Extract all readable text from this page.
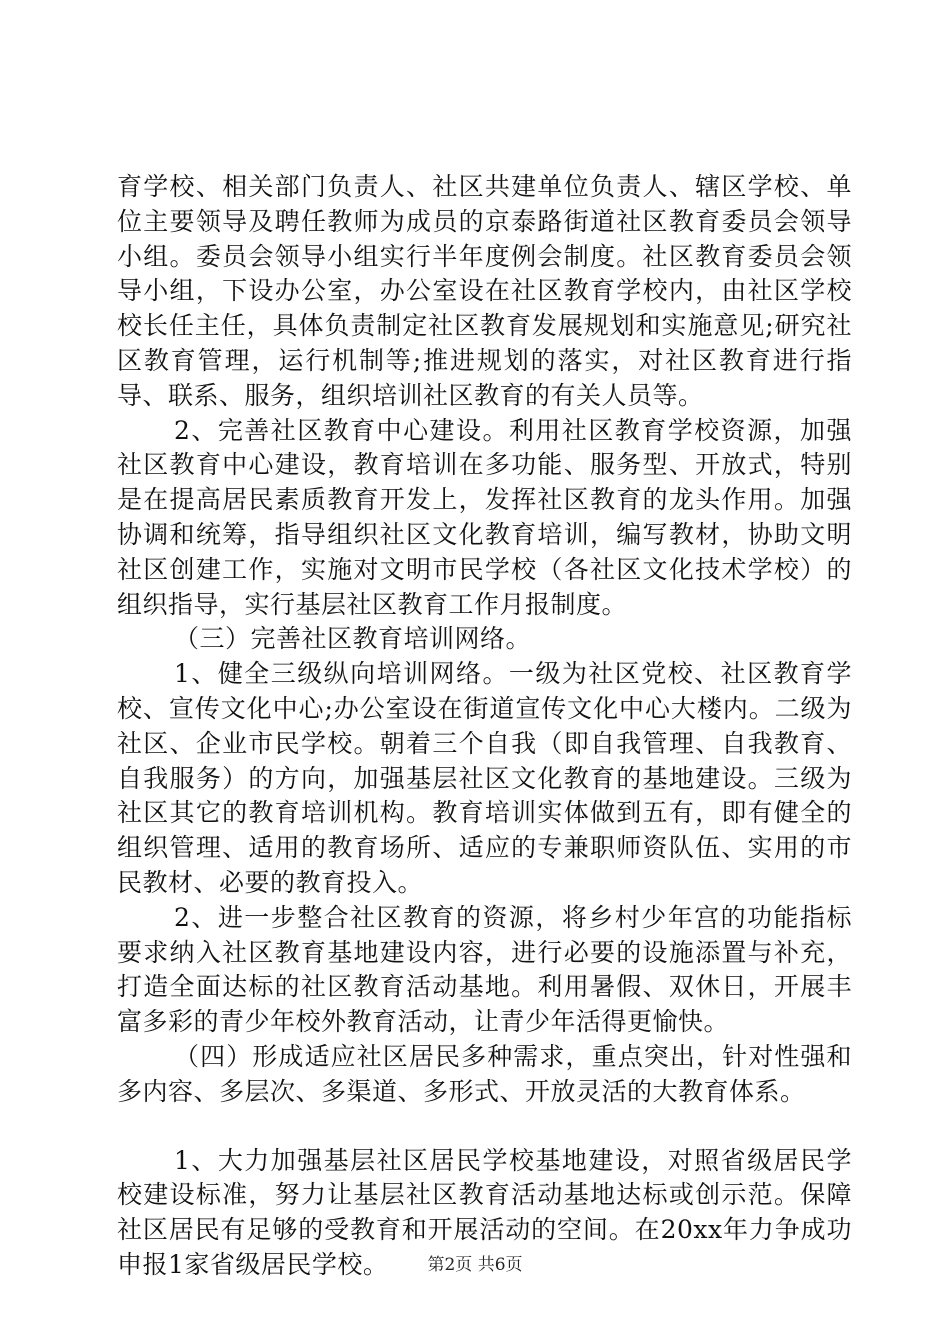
育学校、相关部门负责人、社区共建单位负责人、辖区学校、单位主要领导及聘任教师为成员的京泰路街道社区教育委员会领导小组。委员会领导小组实行半年度例会制度。社区教育委员会领导小组，下设办公室，办公室设在社区教育学校内，由社区学校校长任主任，具体负责制定社区教育发展规划和实施意见;研究社区教育管理，运行机制等;推进规划的落实，对社区教育进行指导、联系、服务，组织培训社区教育的有关人员等。

2、完善社区教育中心建设。利用社区教育学校资源，加强社区教育中心建设，教育培训在多功能、服务型、开放式，特别是在提高居民素质教育开发上，发挥社区教育的龙头作用。加强协调和统筹，指导组织社区文化教育培训，编写教材，协助文明社区创建工作，实施对文明市民学校（各社区文化技术学校）的组织指导，实行基层社区教育工作月报制度。

（三）完善社区教育培训网络。

1、健全三级纵向培训网络。一级为社区党校、社区教育学校、宣传文化中心;办公室设在街道宣传文化中心大楼内。二级为社区、企业市民学校。朝着三个自我（即自我管理、自我教育、自我服务）的方向，加强基层社区文化教育的基地建设。三级为社区其它的教育培训机构。教育培训实体做到五有，即有健全的组织管理、适用的教育场所、适应的专兼职师资队伍、实用的市民教材、必要的教育投入。

2、进一步整合社区教育的资源，将乡村少年宫的功能指标要求纳入社区教育基地建设内容，进行必要的设施添置与补充，打造全面达标的社区教育活动基地。利用暑假、双休日，开展丰富多彩的青少年校外教育活动，让青少年活得更愉快。

（四）形成适应社区居民多种需求，重点突出，针对性强和多内容、多层次、多渠道、多形式、开放灵活的大教育体系。

1、大力加强基层社区居民学校基地建设，对照省级居民学校建设标准，努力让基层社区教育活动基地达标或创示范。保障社区居民有足够的受教育和开展活动的空间。在20xx年力争成功申报1家省级居民学校。	第2页 共6页
